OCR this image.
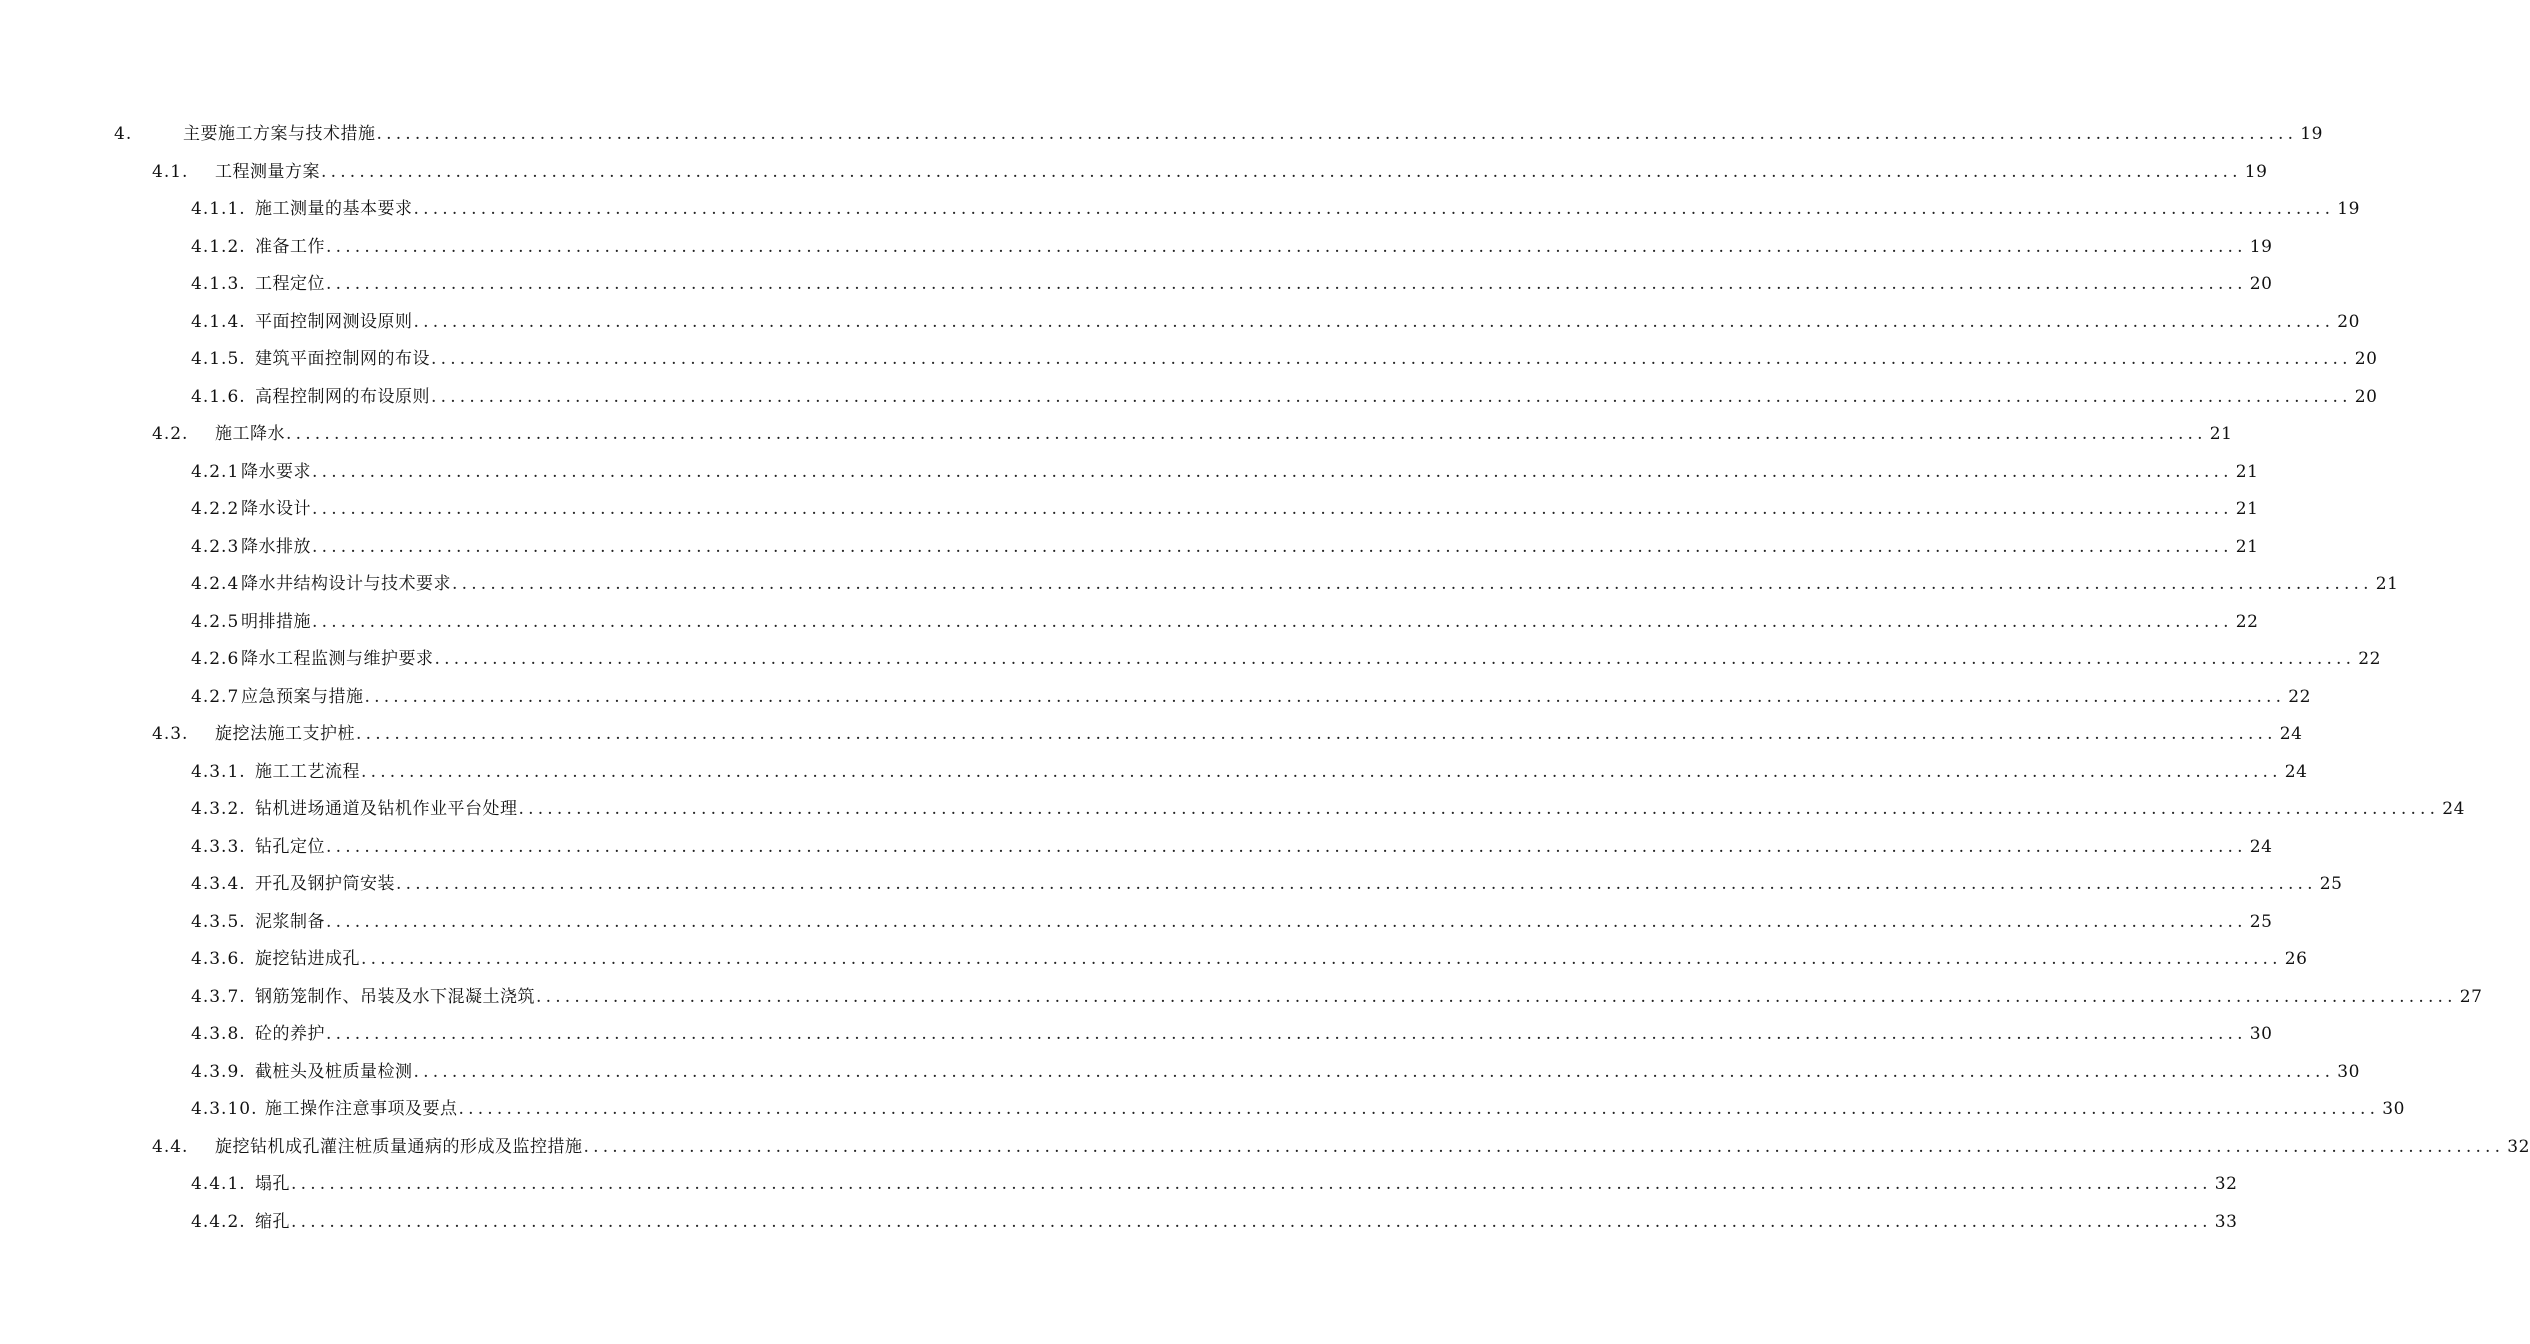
4.	主要施工方案与技术措施 ........................................................................................................................................................................................................ 19
4.1.	工程测量方案 ........................................................................................................................................................................................................ 19
4.1.1. 施工测量的基本要求 ........................................................................................................................................................................................................ 19
4.1.2. 准备工作 ........................................................................................................................................................................................................ 19
4.1.3. 工程定位 ........................................................................................................................................................................................................ 20
4.1.4. 平面控制网测设原则 ........................................................................................................................................................................................................ 20
4.1.5. 建筑平面控制网的布设 ........................................................................................................................................................................................................ 20
4.1.6. 高程控制网的布设原则 ........................................................................................................................................................................................................ 20
4.2.	施工降水 ........................................................................................................................................................................................................ 21
4.2.1 降水要求 ........................................................................................................................................................................................................ 21
4.2.2 降水设计 ........................................................................................................................................................................................................ 21
4.2.3 降水排放 ........................................................................................................................................................................................................ 21
4.2.4 降水井结构设计与技术要求 ........................................................................................................................................................................................................ 21
4.2.5 明排措施 ........................................................................................................................................................................................................ 22
4.2.6 降水工程监测与维护要求 ........................................................................................................................................................................................................ 22
4.2.7 应急预案与措施 ........................................................................................................................................................................................................ 22
4.3.	旋挖法施工支护桩 ........................................................................................................................................................................................................ 24
4.3.1. 施工工艺流程 ........................................................................................................................................................................................................ 24
4.3.2. 钻机进场通道及钻机作业平台处理 ........................................................................................................................................................................................................ 24
4.3.3. 钻孔定位 ........................................................................................................................................................................................................ 24
4.3.4. 开孔及钢护筒安装 ........................................................................................................................................................................................................ 25
4.3.5. 泥浆制备 ........................................................................................................................................................................................................ 25
4.3.6. 旋挖钻进成孔 ........................................................................................................................................................................................................ 26
4.3.7. 钢筋笼制作、吊装及水下混凝土浇筑 ........................................................................................................................................................................................................ 27
4.3.8. 砼的养护 ........................................................................................................................................................................................................ 30
4.3.9. 截桩头及桩质量检测 ........................................................................................................................................................................................................ 30
4.3.10. 施工操作注意事项及要点 ........................................................................................................................................................................................................ 30
4.4.	旋挖钻机成孔灌注桩质量通病的形成及监控措施 ........................................................................................................................................................................................................ 32
4.4.1. 塌孔 ........................................................................................................................................................................................................ 32
4.4.2. 缩孔 ........................................................................................................................................................................................................ 33
